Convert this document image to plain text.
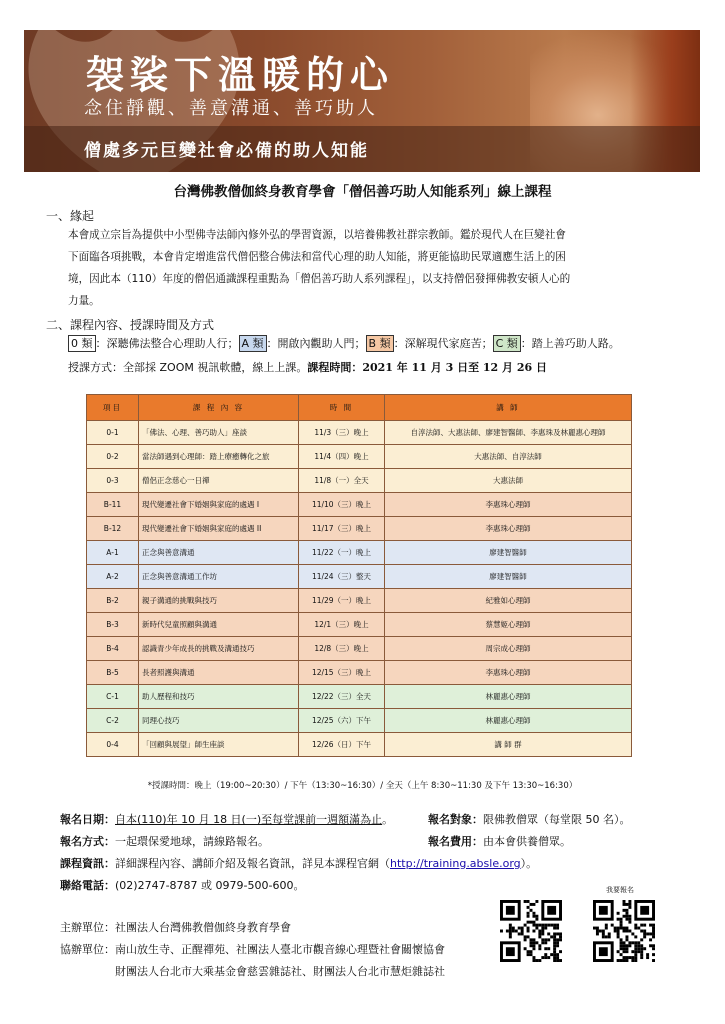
袈裟下溫暖的心
念住靜觀、善意溝通、善巧助人
僧處多元巨變社會必備的助人知能
台灣佛教僧伽終身教育學會「僧侶善巧助人知能系列」線上課程
一、緣起
本會成立宗旨為提供中小型佛寺法師內修外弘的學習資源，以培養佛教社群宗教師。鑑於現代人在巨變社會
下面臨各項挑戰，本會肯定增進當代僧侶整合佛法和當代心理的助人知能，將更能協助民眾適應生活上的困
境，因此本（110）年度的僧侶通識課程重點為「僧侶善巧助人系列課程」，以支持僧侶發揮佛教安頓人心的
力量。
二、課程內容、授課時間及方式
0 類 ：深聽佛法整合心理助人行； A 類 ：開啟內觀助人門； B 類 ：深解現代家庭苦； C 類 ：踏上善巧助人路。
授課方式：全部採 ZOOM 視訊軟體，線上上課。課程時間：2021 年 11 月 3 日至 12 月 26 日
項目	課 程 內 容	時 間	講 師
0-1	「佛法、心理、善巧助人」座談	11/3（三）晚上	自淳法師、大惠法師、廖建智醫師、李惠珠及林麗惠心理師
0-2	當法師遇到心理師：踏上療癒轉化之旅	11/4（四）晚上	大惠法師、自淳法師
0-3	僧侶正念慈心一日禪	11/8（一）全天	大惠法師
B-11	現代變遷社會下婚姻與家庭的處遇 I	11/10（三）晚上	李惠珠心理師
B-12	現代變遷社會下婚姻與家庭的處遇 II	11/17（三）晚上	李惠珠心理師
A-1	正念與善意溝通	11/22（一）晚上	廖建智醫師
A-2	正念與善意溝通工作坊	11/24（三）整天	廖建智醫師
B-2	親子溝通的挑戰與技巧	11/29（一）晚上	紀雅如心理師
B-3	新時代兒童照顧與溝通	12/1（三）晚上	蔡慧姬心理師
B-4	認識青少年成長的挑戰及溝通技巧	12/8（三）晚上	周宗成心理師
B-5	長者照護與溝通	12/15（三）晚上	李惠珠心理師
C-1	助人歷程和技巧	12/22（三）全天	林麗惠心理師
C-2	同理心技巧	12/25（六）下午	林麗惠心理師
0-4	「回顧與展望」師生座談	12/26（日）下午	講 師 群
*授課時間：晚上（19:00~20:30）/ 下午（13:30~16:30）/ 全天（上午 8:30~11:30 及下午 13:30~16:30）
報名日期：自本(110)年 10 月 18 日(一)至每堂課前一週額滿為止。	報名對象：限佛教僧眾（每堂限 50 名）。
報名方式：一起環保愛地球，請線路報名。	報名費用：由本會供養僧眾。
課程資訊：詳細課程內容、講師介紹及報名資訊，詳見本課程官網（http://training.absle.org）。
聯絡電話：(02)2747-8787 或 0979-500-600。	我要報名
主辦單位：社團法人台灣佛教僧伽終身教育學會
協辦單位：南山放生寺、正醒禪苑、社團法人臺北市觀音線心理暨社會關懷協會
財團法人台北市大乘基金會慈雲雜誌社、財團法人台北市慧炬雜誌社
